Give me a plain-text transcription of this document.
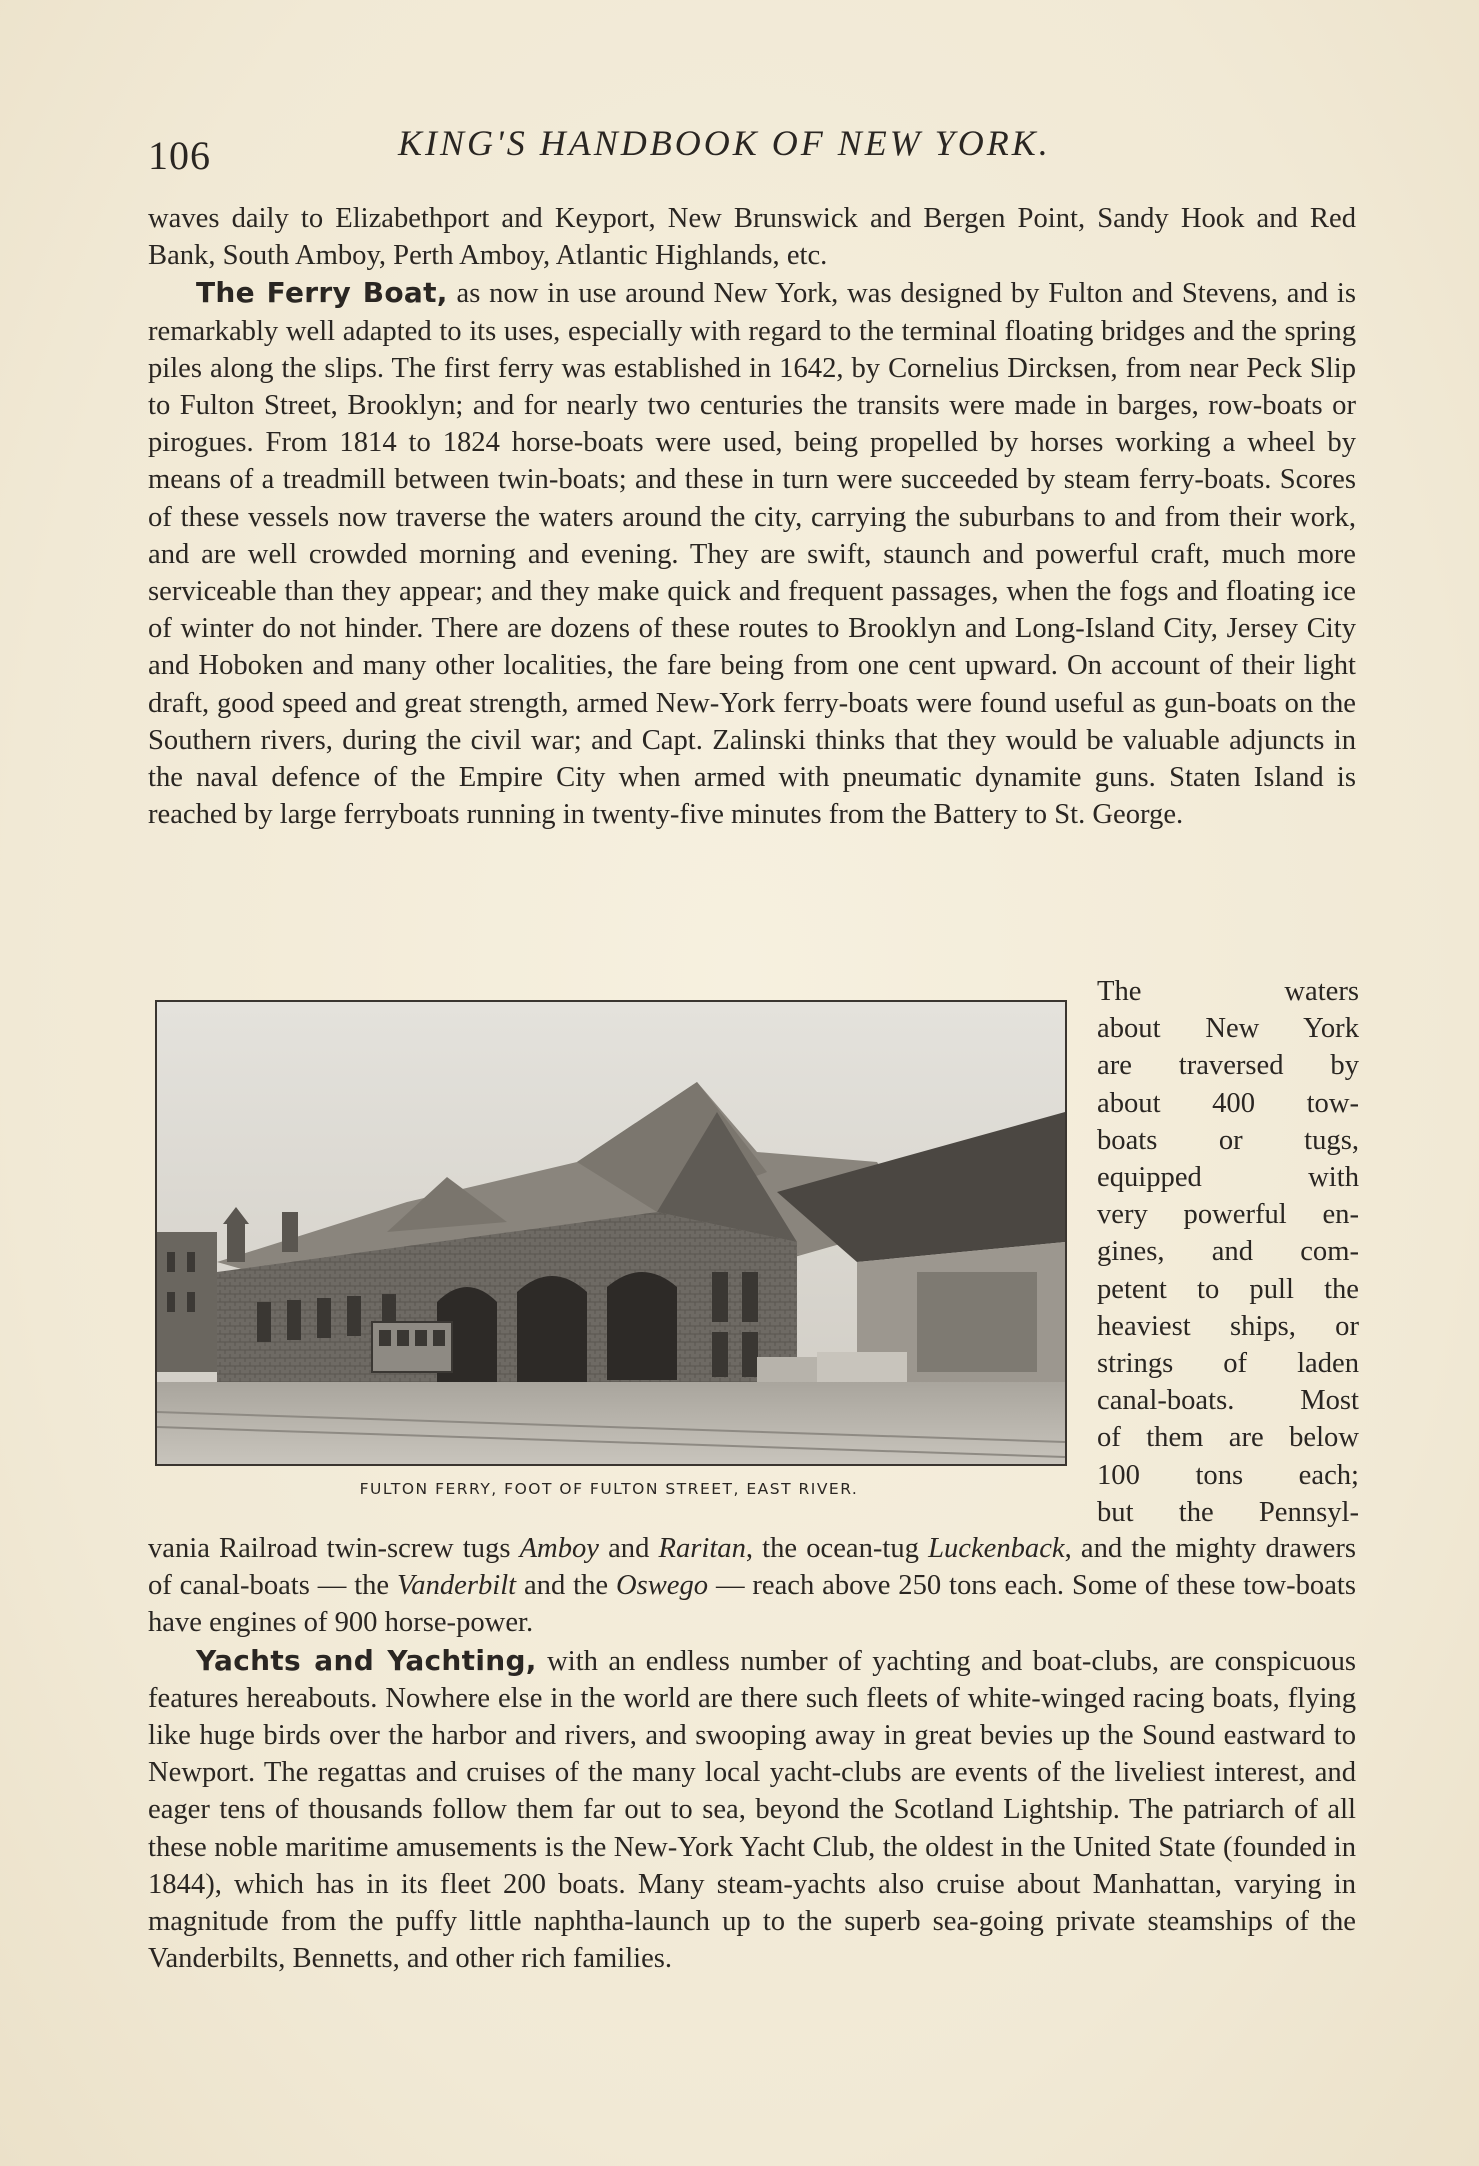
106	KING'S HANDBOOK OF NEW YORK.

waves daily to Elizabethport and Keyport, New Brunswick and Bergen Point, Sandy Hook and Red Bank, South Amboy, Perth Amboy, Atlantic Highlands, etc.

The Ferry Boat, as now in use around New York, was designed by Fulton and Stevens, and is remarkably well adapted to its uses, especially with regard to the terminal floating bridges and the spring piles along the slips. The first ferry was established in 1642, by Cornelius Dircksen, from near Peck Slip to Fulton Street, Brooklyn; and for nearly two centuries the transits were made in barges, row-boats or pirogues. From 1814 to 1824 horse-boats were used, being propelled by horses working a wheel by means of a treadmill between twin-boats; and these in turn were succeeded by steam ferry-boats. Scores of these vessels now traverse the waters around the city, carrying the suburbans to and from their work, and are well crowded morning and evening. They are swift, staunch and powerful craft, much more serviceable than they appear; and they make quick and frequent passages, when the fogs and floating ice of winter do not hinder. There are dozens of these routes to Brooklyn and Long-Island City, Jersey City and Hoboken and many other localities, the fare being from one cent upward. On account of their light draft, good speed and great strength, armed New-York ferry-boats were found useful as gun-boats on the Southern rivers, during the civil war; and Capt. Zalinski thinks that they would be valuable adjuncts in the naval defence of the Empire City when armed with pneumatic dynamite guns. Staten Island is reached by large ferryboats running in twenty-five minutes from the Battery to St. George.

FULTON FERRY, FOOT OF FULTON STREET, EAST RIVER.
The waters
about New York
are traversed by
about 400 tow-
boats or tugs,
equipped with
very powerful en-
gines, and com-
petent to pull the
heaviest ships, or
strings of laden
canal-boats. Most
of them are below
100 tons each;
but the Pennsyl-

vania Railroad twin-screw tugs Amboy and Raritan, the ocean-tug Luckenback, and the mighty drawers of canal-boats — the Vanderbilt and the Oswego — reach above 250 tons each. Some of these tow-boats have engines of 900 horse-power.

Yachts and Yachting, with an endless number of yachting and boat-clubs, are conspicuous features hereabouts. Nowhere else in the world are there such fleets of white-winged racing boats, flying like huge birds over the harbor and rivers, and swooping away in great bevies up the Sound eastward to Newport. The regattas and cruises of the many local yacht-clubs are events of the liveliest interest, and eager tens of thousands follow them far out to sea, beyond the Scotland Lightship. The patriarch of all these noble maritime amusements is the New-York Yacht Club, the oldest in the United State (founded in 1844), which has in its fleet 200 boats. Many steam-yachts also cruise about Manhattan, varying in magnitude from the puffy little naphtha-launch up to the superb sea-going private steamships of the Vanderbilts, Bennetts, and other rich families.
